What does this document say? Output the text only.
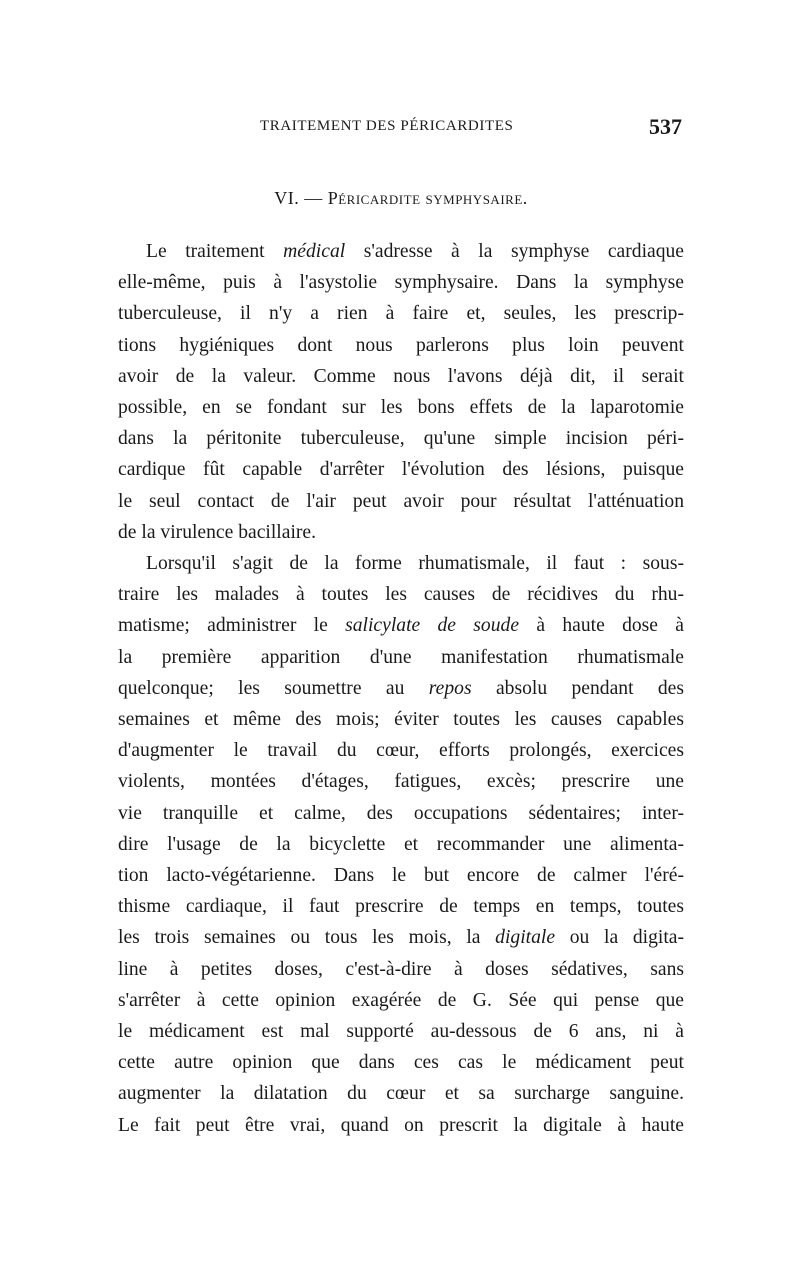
TRAITEMENT DES PÉRICARDITES	537
VI. — Péricardite symphysaire.
Le traitement médical s'adresse à la symphyse cardiaque
elle-même, puis à l'asystolie symphysaire. Dans la symphyse
tuberculeuse, il n'y a rien à faire et, seules, les prescrip-
tions hygiéniques dont nous parlerons plus loin peuvent
avoir de la valeur. Comme nous l'avons déjà dit, il serait
possible, en se fondant sur les bons effets de la laparotomie
dans la péritonite tuberculeuse, qu'une simple incision péri-
cardique fût capable d'arrêter l'évolution des lésions, puisque
le seul contact de l'air peut avoir pour résultat l'atténuation
de la virulence bacillaire.
Lorsqu'il s'agit de la forme rhumatismale, il faut : sous-
traire les malades à toutes les causes de récidives du rhu-
matisme; administrer le salicylate de soude à haute dose à
la première apparition d'une manifestation rhumatismale
quelconque; les soumettre au repos absolu pendant des
semaines et même des mois; éviter toutes les causes capables
d'augmenter le travail du cœur, efforts prolongés, exercices
violents, montées d'étages, fatigues, excès; prescrire une
vie tranquille et calme, des occupations sédentaires; inter-
dire l'usage de la bicyclette et recommander une alimenta-
tion lacto-végétarienne. Dans le but encore de calmer l'éré-
thisme cardiaque, il faut prescrire de temps en temps, toutes
les trois semaines ou tous les mois, la digitale ou la digita-
line à petites doses, c'est-à-dire à doses sédatives, sans
s'arrêter à cette opinion exagérée de G. Sée qui pense que
le médicament est mal supporté au-dessous de 6 ans, ni à
cette autre opinion que dans ces cas le médicament peut
augmenter la dilatation du cœur et sa surcharge sanguine.
Le fait peut être vrai, quand on prescrit la digitale à haute
